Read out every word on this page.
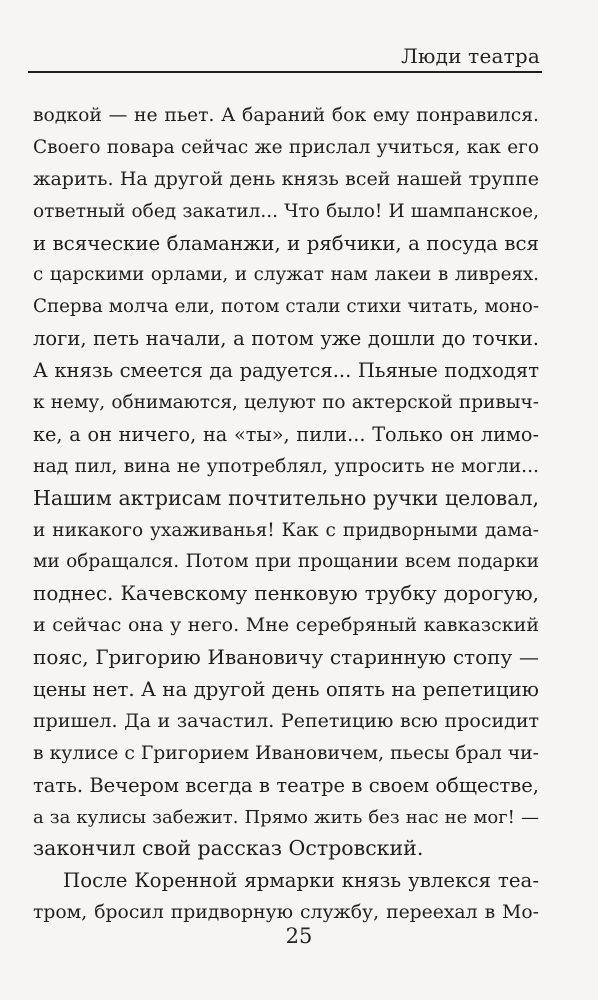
Люди театра
водкой — не пьет. А бараний бок ему понравился.
Своего повара сейчас же прислал учиться, как его
жарить. На другой день князь всей нашей труппе
ответный обед закатил... Что было! И шампанское,
и всяческие бламанжи, и рябчики, а посуда вся
с царскими орлами, и служат нам лакеи в ливреях.
Сперва молча ели, потом стали стихи читать, моно-
логи, петь начали, а потом уже дошли до точки.
А князь смеется да радуется... Пьяные подходят
к нему, обнимаются, целуют по актерской привыч-
ке, а он ничего, на «ты», пили... Только он лимо-
над пил, вина не употреблял, упросить не могли...
Нашим актрисам почтительно ручки целовал,
и никакого ухаживанья! Как с придворными дама-
ми обращался. Потом при прощании всем подарки
поднес. Качевскому пенковую трубку дорогую,
и сейчас она у него. Мне серебряный кавказский
пояс, Григорию Ивановичу старинную стопу —
цены нет. А на другой день опять на репетицию
пришел. Да и зачастил. Репетицию всю просидит
в кулисе с Григорием Ивановичем, пьесы брал чи-
тать. Вечером всегда в театре в своем обществе,
а за кулисы забежит. Прямо жить без нас не мог! —
закончил свой рассказ Островский.
После Коренной ярмарки князь увлекся теа-
тром, бросил придворную службу, переехал в Мо-
25
